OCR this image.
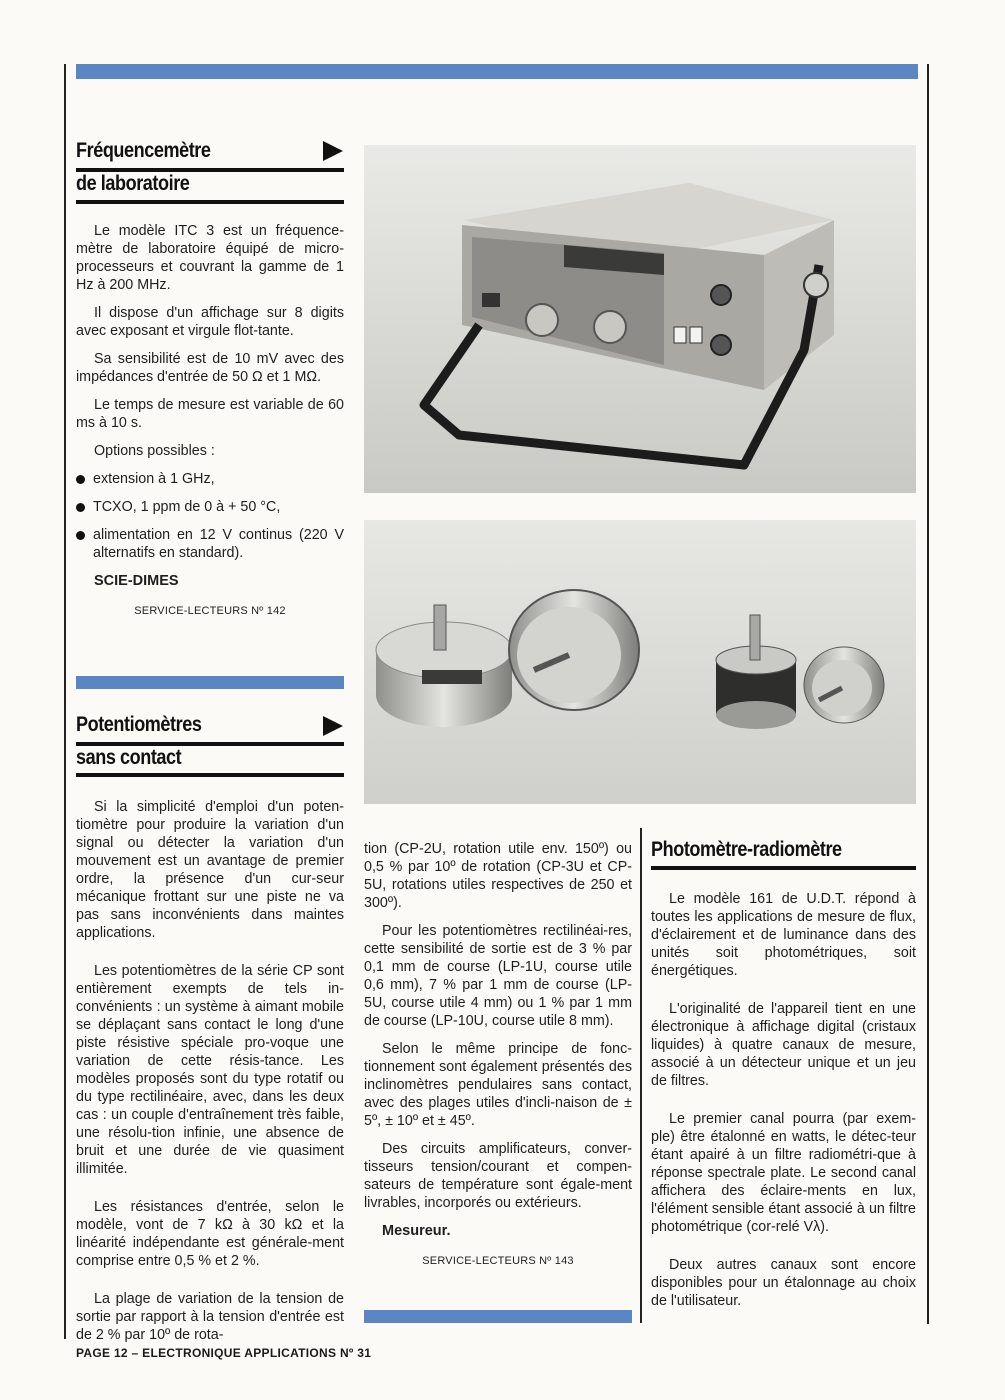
Fréquencemètre
de laboratoire

Le modèle ITC 3 est un fréquence-mètre de laboratoire équipé de micro-processeurs et couvrant la gamme de 1 Hz à 200 MHz.

Il dispose d'un affichage sur 8 digits avec exposant et virgule flot-tante.

Sa sensibilité est de 10 mV avec des impédances d'entrée de 50 Ω et 1 MΩ.

Le temps de mesure est variable de 60 ms à 10 s.

Options possibles :

extension à 1 GHz,
TCXO, 1 ppm de 0 à + 50 °C,
alimentation en 12 V continus (220 V alternatifs en standard).
SCIE-DIMES
SERVICE-LECTEURS Nº 142
Potentiomètres
sans contact

Si la simplicité d'emploi d'un poten-tiomètre pour produire la variation d'un signal ou détecter la variation d'un mouvement est un avantage de premier ordre, la présence d'un cur-seur mécanique frottant sur une piste ne va pas sans inconvénients dans maintes applications.

Les potentiomètres de la série CP sont entièrement exempts de tels in-convénients : un système à aimant mobile se déplaçant sans contact le long d'une piste résistive spéciale pro-voque une variation de cette résis-tance. Les modèles proposés sont du type rotatif ou du type rectilinéaire, avec, dans les deux cas : un couple d'entraînement très faible, une résolu-tion infinie, une absence de bruit et une durée de vie quasiment illimitée.

Les résistances d'entrée, selon le modèle, vont de 7 kΩ à 30 kΩ et la linéarité indépendante est générale-ment comprise entre 0,5 % et 2 %.

La plage de variation de la tension de sortie par rapport à la tension d'entrée est de 2 % par 10º de rota-

tion (CP-2U, rotation utile env. 150º) ou 0,5 % par 10º de rotation (CP-3U et CP-5U, rotations utiles respectives de 250 et 300º).

Pour les potentiomètres rectilinéai-res, cette sensibilité de sortie est de 3 % par 0,1 mm de course (LP-1U, course utile 0,6 mm), 7 % par 1 mm de course (LP-5U, course utile 4 mm) ou 1 % par 1 mm de course (LP-10U, course utile 8 mm).

Selon le même principe de fonc-tionnement sont également présentés des inclinomètres pendulaires sans contact, avec des plages utiles d'incli-naison de ± 5º, ± 10º et ± 45º.

Des circuits amplificateurs, conver-tisseurs tension/courant et compen-sateurs de température sont égale-ment livrables, incorporés ou extérieurs.

Mesureur.
SERVICE-LECTEURS Nº 143
Photomètre-radiomètre

Le modèle 161 de U.D.T. répond à toutes les applications de mesure de flux, d'éclairement et de luminance dans des unités soit photométriques, soit énergétiques.

L'originalité de l'appareil tient en une électronique à affichage digital (cristaux liquides) à quatre canaux de mesure, associé à un détecteur unique et un jeu de filtres.

Le premier canal pourra (par exem-ple) être étalonné en watts, le détec-teur étant apairé à un filtre radiométri-que à réponse spectrale plate. Le second canal affichera des éclaire-ments en lux, l'élément sensible étant associé à un filtre photométrique (cor-relé Vλ).

Deux autres canaux sont encore disponibles pour un étalonnage au choix de l'utilisateur.

PAGE 12 – ELECTRONIQUE APPLICATIONS Nº 31
